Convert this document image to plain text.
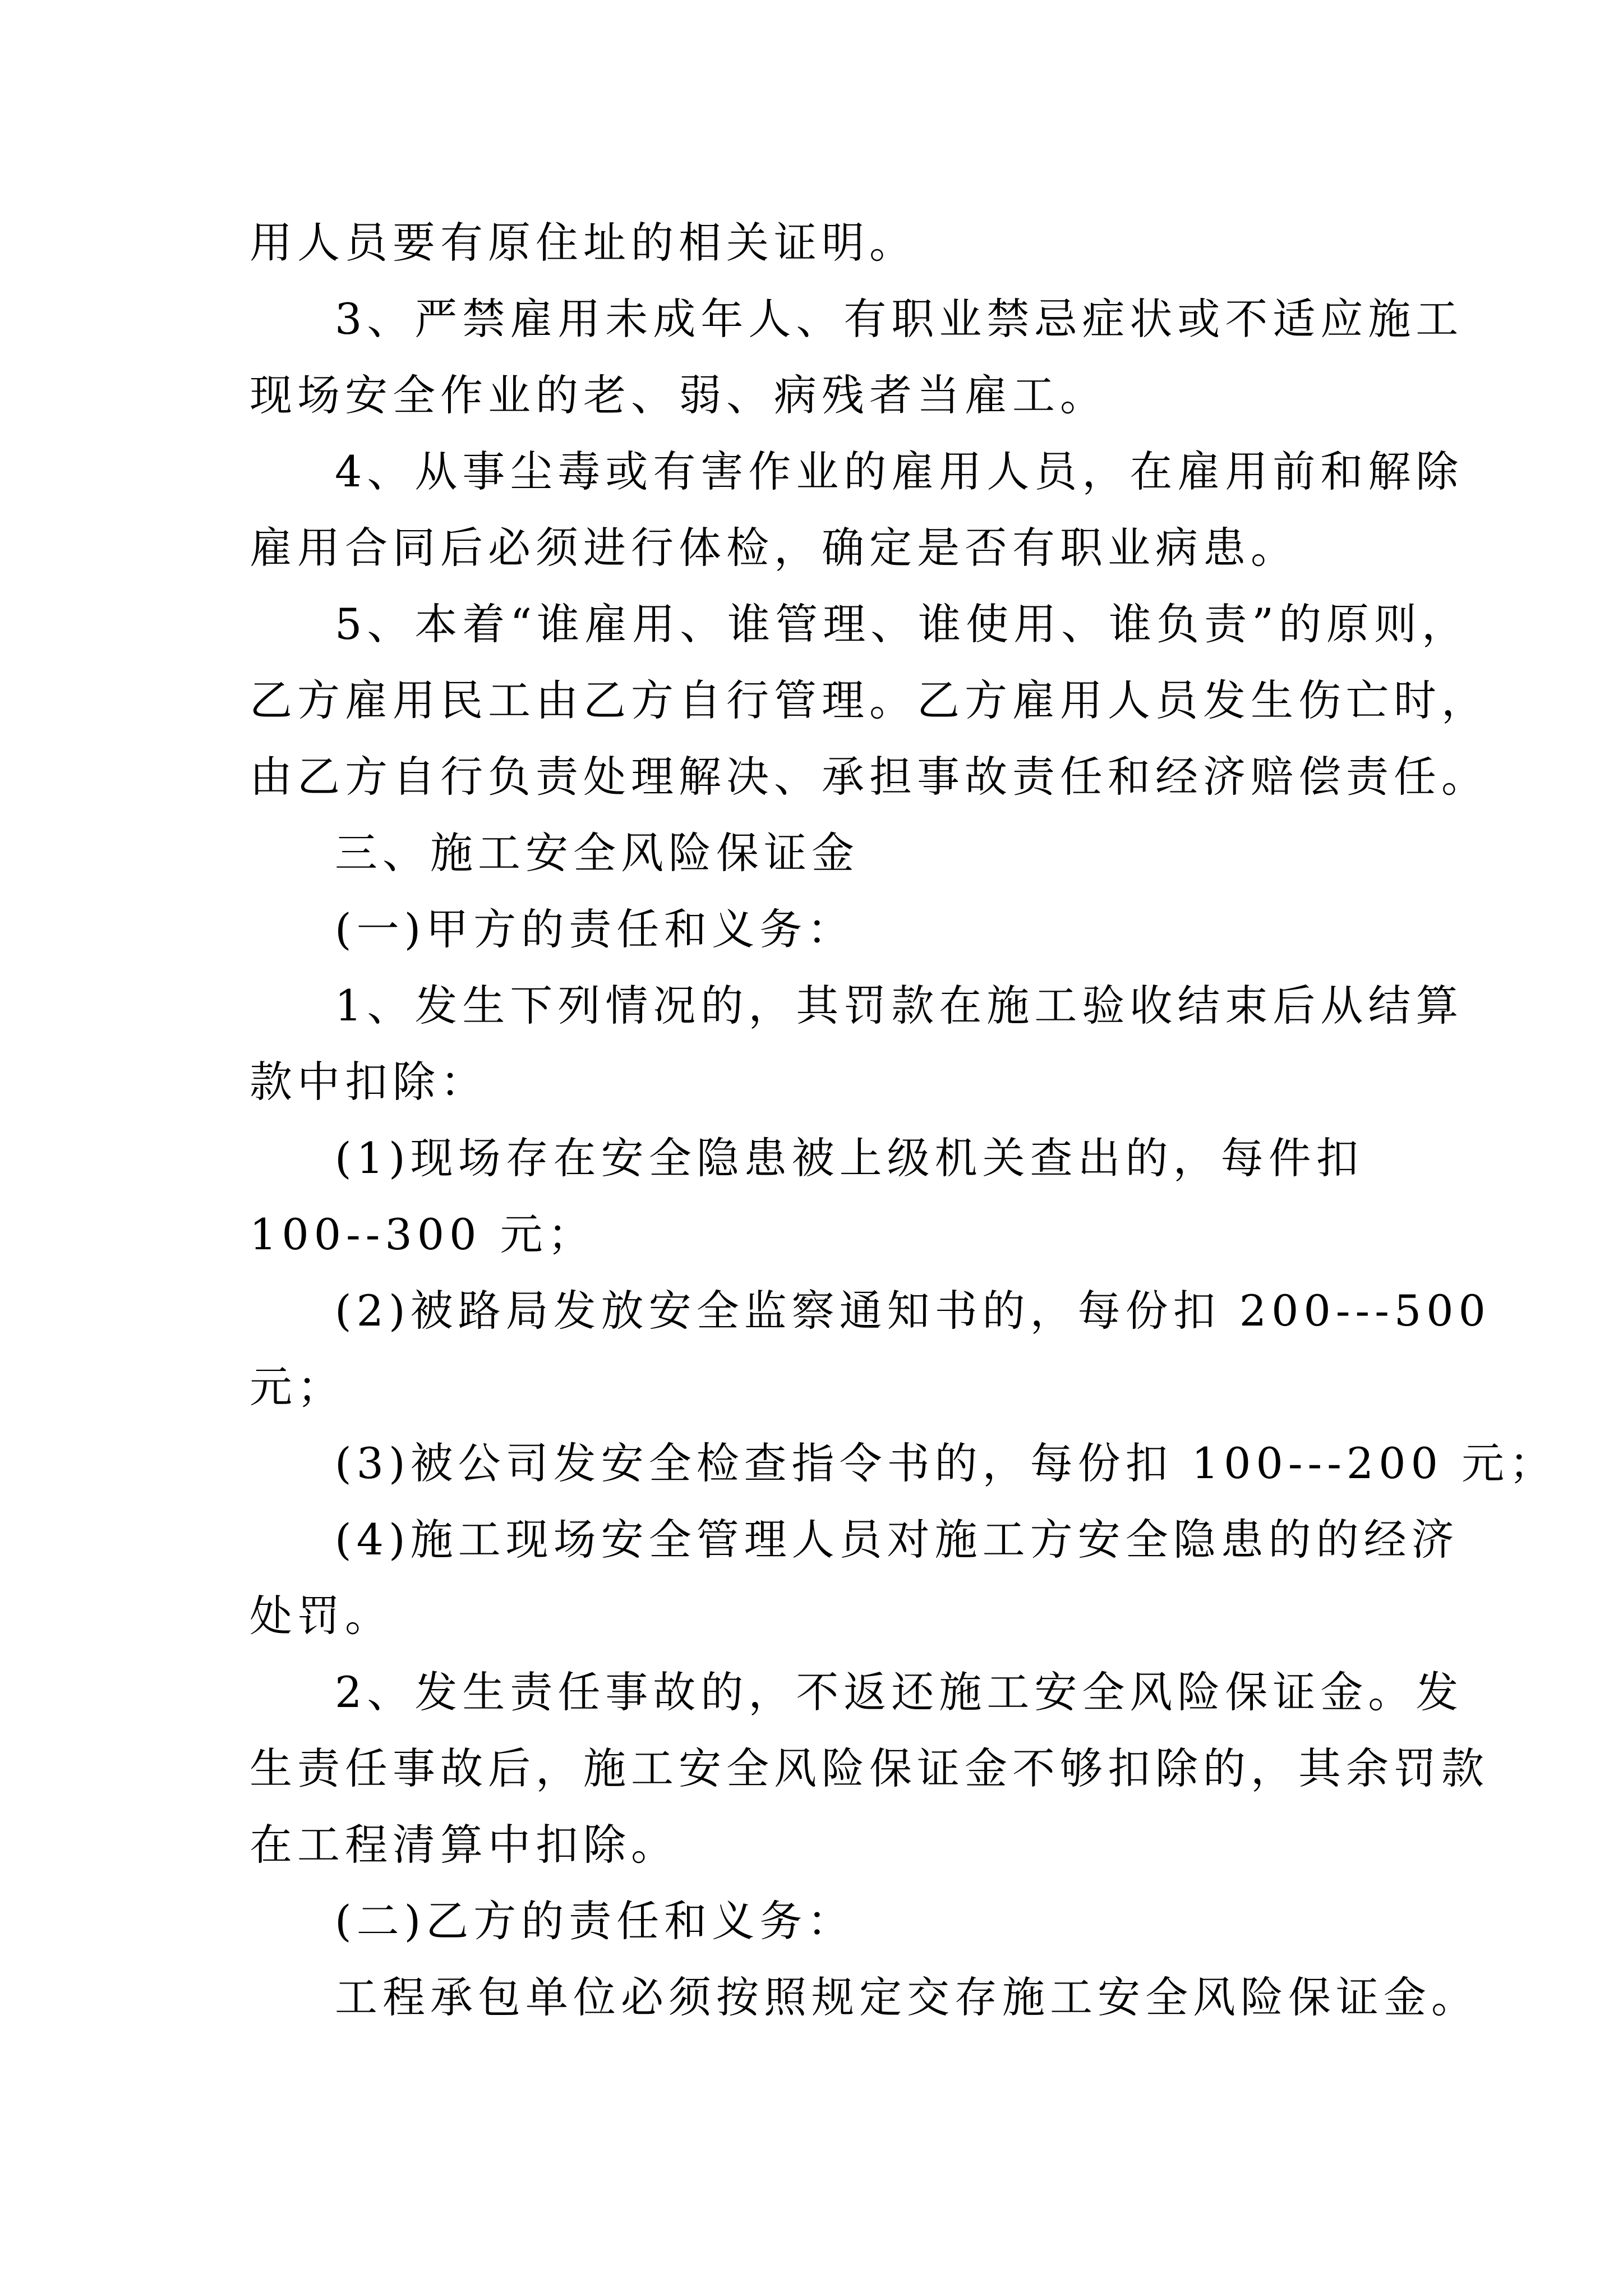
用人员要有原住址的相关证明。
3、严禁雇用未成年人、有职业禁忌症状或不适应施工
现场安全作业的老、弱、病残者当雇工。
4、从事尘毒或有害作业的雇用人员，在雇用前和解除
雇用合同后必须进行体检，确定是否有职业病患。
5、本着“谁雇用、谁管理、谁使用、谁负责”的原则，
乙方雇用民工由乙方自行管理。乙方雇用人员发生伤亡时，
由乙方自行负责处理解决、承担事故责任和经济赔偿责任。
三、施工安全风险保证金
(一)甲方的责任和义务：
1、发生下列情况的，其罚款在施工验收结束后从结算
款中扣除：
(1)现场存在安全隐患被上级机关查出的，每件扣
100--300 元；
(2)被路局发放安全监察通知书的，每份扣 200---500
元；
(3)被公司发安全检查指令书的，每份扣 100---200 元；
(4)施工现场安全管理人员对施工方安全隐患的的经济
处罚。
2、发生责任事故的，不返还施工安全风险保证金。发
生责任事故后，施工安全风险保证金不够扣除的，其余罚款
在工程清算中扣除。
(二)乙方的责任和义务：
工程承包单位必须按照规定交存施工安全风险保证金。
